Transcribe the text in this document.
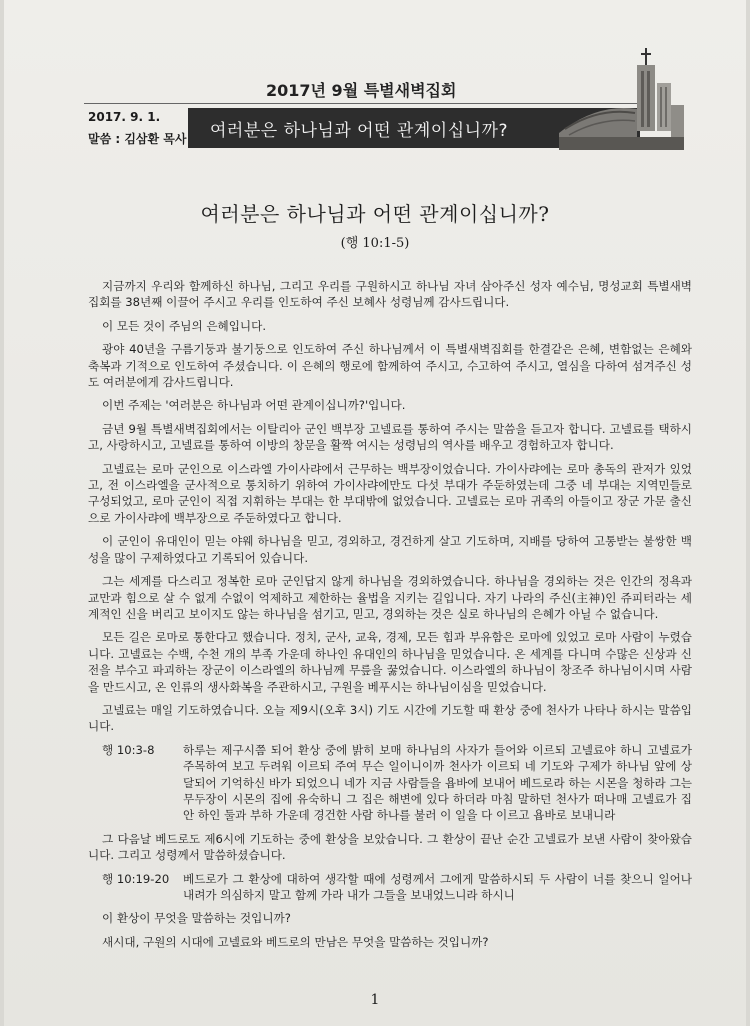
2017년 9월 특별새벽집회
2017. 9. 1.
말씀 : 김삼환 목사	여러분은 하나님과 어떤 관계이십니까?
여러분은 하나님과 어떤 관계이십니까?
(행 10:1-5)

지금까지 우리와 함께하신 하나님, 그리고 우리를 구원하시고 하나님 자녀 삼아주신 성자 예수님, 명성교회 특별새벽집회를 38년째 이끌어 주시고 우리를 인도하여 주신 보혜사 성령님께 감사드립니다.

이 모든 것이 주님의 은혜입니다.

광야 40년을 구름기둥과 불기둥으로 인도하여 주신 하나님께서 이 특별새벽집회를 한결같은 은혜, 변함없는 은혜와 축복과 기적으로 인도하여 주셨습니다. 이 은혜의 행로에 함께하여 주시고, 수고하여 주시고, 열심을 다하여 섬겨주신 성도 여러분에게 감사드립니다.

이번 주제는 '여러분은 하나님과 어떤 관계이십니까?'입니다.

금년 9월 특별새벽집회에서는 이탈리아 군인 백부장 고넬료를 통하여 주시는 말씀을 듣고자 합니다. 고넬료를 택하시고, 사랑하시고, 고넬료를 통하여 이방의 창문을 활짝 여시는 성령님의 역사를 배우고 경험하고자 합니다.

고넬료는 로마 군인으로 이스라엘 가이사랴에서 근무하는 백부장이었습니다. 가이사랴에는 로마 총독의 관저가 있었고, 전 이스라엘을 군사적으로 통치하기 위하여 가이사랴에만도 다섯 부대가 주둔하였는데 그중 네 부대는 지역민들로 구성되었고, 로마 군인이 직접 지휘하는 부대는 한 부대밖에 없었습니다. 고넬료는 로마 귀족의 아들이고 장군 가문 출신으로 가이사랴에 백부장으로 주둔하였다고 합니다.

이 군인이 유대인이 믿는 야웨 하나님을 믿고, 경외하고, 경건하게 살고 기도하며, 지배를 당하여 고통받는 불쌍한 백성을 많이 구제하였다고 기록되어 있습니다.

그는 세계를 다스리고 정복한 로마 군인답지 않게 하나님을 경외하였습니다. 하나님을 경외하는 것은 인간의 정욕과 교만과 힘으로 살 수 없게 수없이 억제하고 제한하는 율법을 지키는 길입니다. 자기 나라의 주신(主神)인 쥬피터라는 세계적인 신을 버리고 보이지도 않는 하나님을 섬기고, 믿고, 경외하는 것은 실로 하나님의 은혜가 아닐 수 없습니다.

모든 길은 로마로 통한다고 했습니다. 정치, 군사, 교육, 경제, 모든 힘과 부유함은 로마에 있었고 로마 사람이 누렸습니다. 고넬료는 수백, 수천 개의 부족 가운데 하나인 유대인의 하나님을 믿었습니다. 온 세계를 다니며 수많은 신상과 신전을 부수고 파괴하는 장군이 이스라엘의 하나님께 무릎을 꿇었습니다. 이스라엘의 하나님이 창조주 하나님이시며 사람을 만드시고, 온 인류의 생사화복을 주관하시고, 구원을 베푸시는 하나님이심을 믿었습니다.

고넬료는 매일 기도하였습니다. 오늘 제9시(오후 3시) 기도 시간에 기도할 때 환상 중에 천사가 나타나 하시는 말씀입니다.

행 10:3-8	하루는 제구시쯤 되어 환상 중에 밝히 보매 하나님의 사자가 들어와 이르되 고넬료야 하니 고넬료가 주목하여 보고 두려워 이르되 주여 무슨 일이니이까 천사가 이르되 네 기도와 구제가 하나님 앞에 상달되어 기억하신 바가 되었으니 네가 지금 사람들을 욥바에 보내어 베드로라 하는 시몬을 청하라 그는 무두장이 시몬의 집에 유숙하니 그 집은 해변에 있다 하더라 마침 말하던 천사가 떠나매 고넬료가 집안 하인 둘과 부하 가운데 경건한 사람 하나를 불러 이 일을 다 이르고 욥바로 보내니라

그 다음날 베드로도 제6시에 기도하는 중에 환상을 보았습니다. 그 환상이 끝난 순간 고넬료가 보낸 사람이 찾아왔습니다. 그리고 성령께서 말씀하셨습니다.

행 10:19-20	베드로가 그 환상에 대하여 생각할 때에 성령께서 그에게 말씀하시되 두 사람이 너를 찾으니 일어나 내려가 의심하지 말고 함께 가라 내가 그들을 보내었느니라 하시니

이 환상이 무엇을 말씀하는 것입니까?

새시대, 구원의 시대에 고넬료와 베드로의 만남은 무엇을 말씀하는 것입니까?

1
